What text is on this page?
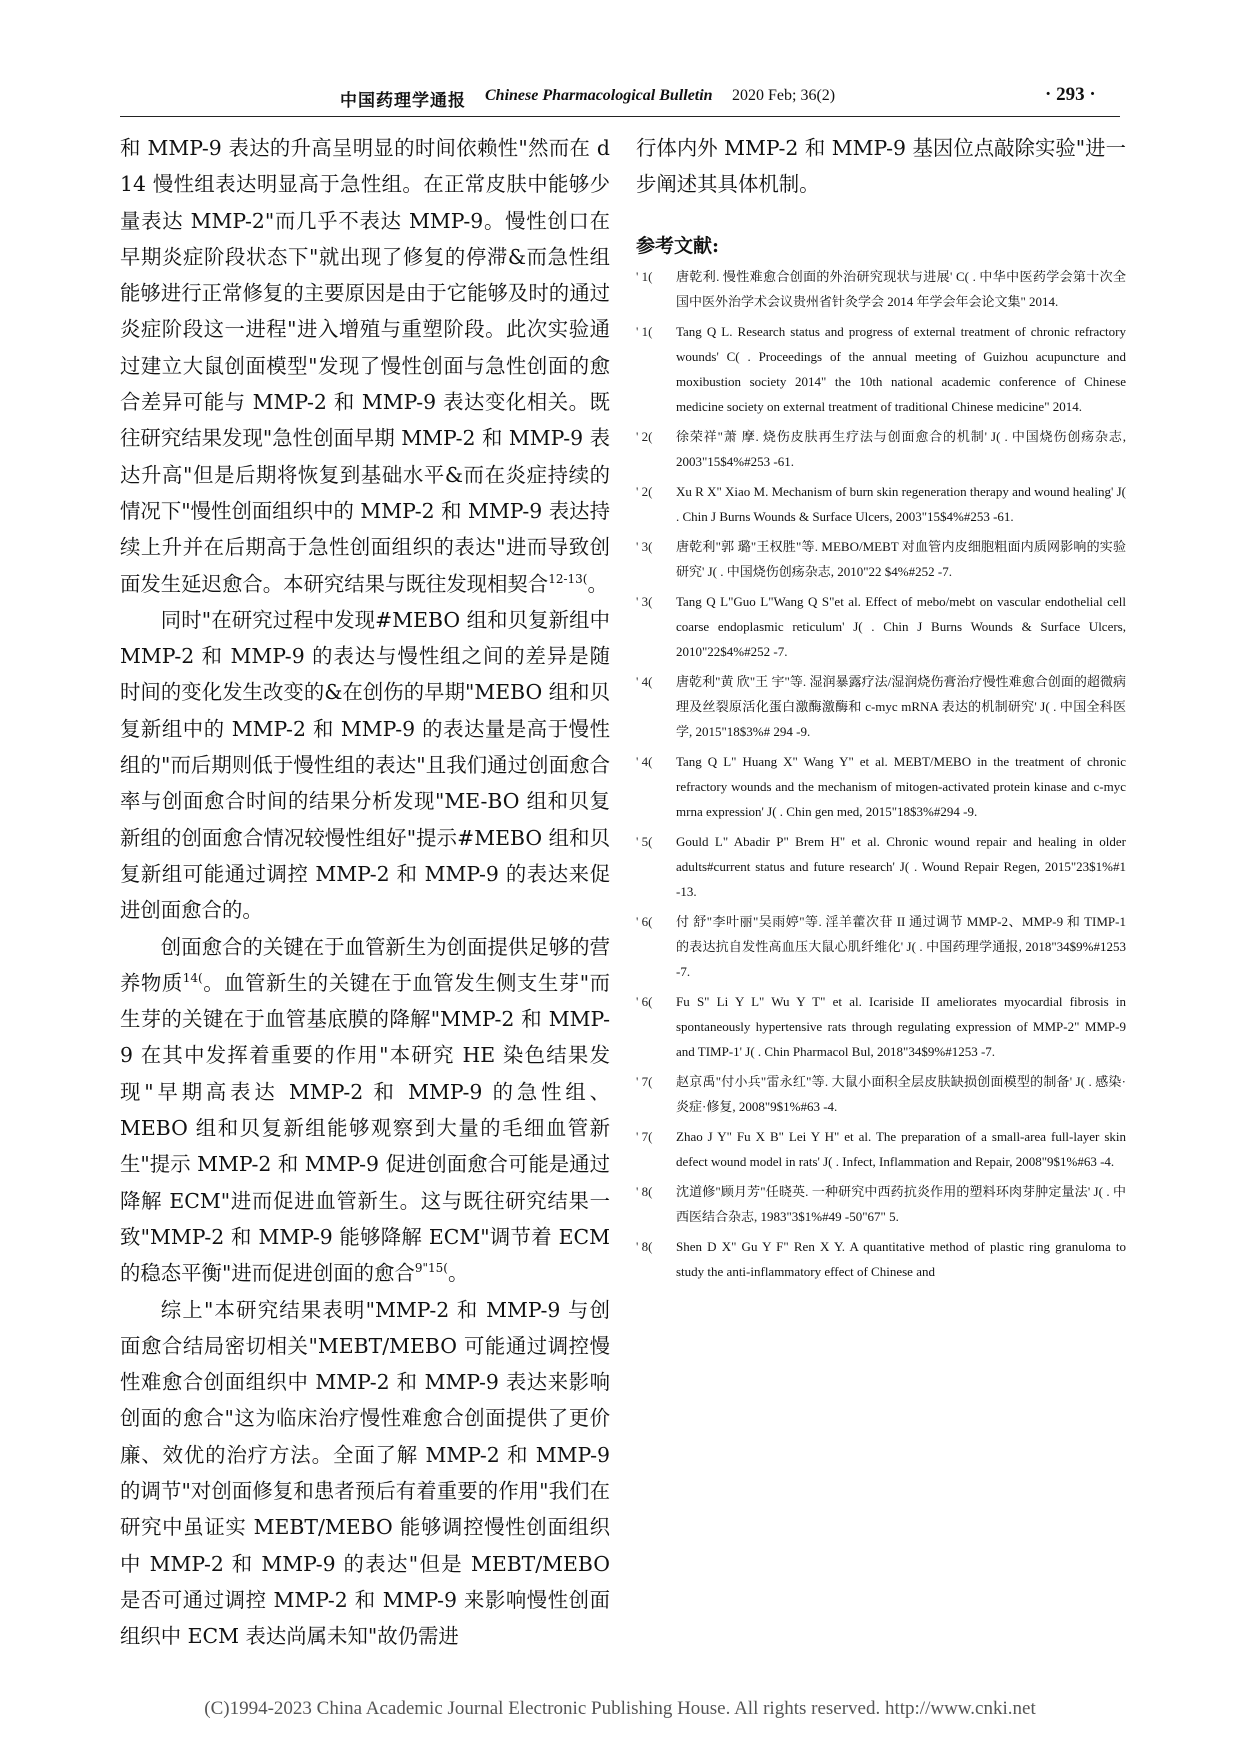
中国药理学通报 Chinese Pharmacological Bulletin 2020 Feb; 36(2)	· 293 ·

和 MMP-9 表达的升高呈明显的时间依赖性"然而在 d 14 慢性组表达明显高于急性组。在正常皮肤中能够少量表达 MMP-2"而几乎不表达 MMP-9。慢性创口在早期炎症阶段状态下"就出现了修复的停滞&而急性组能够进行正常修复的主要原因是由于它能够及时的通过炎症阶段这一进程"进入增殖与重塑阶段。此次实验通过建立大鼠创面模型"发现了慢性创面与急性创面的愈合差异可能与 MMP-2 和 MMP-9 表达变化相关。既往研究结果发现"急性创面早期 MMP-2 和 MMP-9 表达升高"但是后期将恢复到基础水平&而在炎症持续的情况下"慢性创面组织中的 MMP-2 和 MMP-9 表达持续上升并在后期高于急性创面组织的表达"进而导致创面发生延迟愈合。本研究结果与既往发现相契合$^{12-13(}$。

同时"在研究过程中发现#MEBO 组和贝复新组中 MMP-2 和 MMP-9 的表达与慢性组之间的差异是随时间的变化发生改变的&在创伤的早期"MEBO 组和贝复新组中的 MMP-2 和 MMP-9 的表达量是高于慢性组的"而后期则低于慢性组的表达"且我们通过创面愈合率与创面愈合时间的结果分析发现"ME-BO 组和贝复新组的创面愈合情况较慢性组好"提示#MEBO 组和贝复新组可能通过调控 MMP-2 和 MMP-9 的表达来促进创面愈合的。

创面愈合的关键在于血管新生为创面提供足够的营养物质$^{14(}$。血管新生的关键在于血管发生侧支生芽"而生芽的关键在于血管基底膜的降解"MMP-2 和 MMP-9 在其中发挥着重要的作用"本研究 HE 染色结果发现"早期高表达 MMP-2 和 MMP-9 的急性组、MEBO 组和贝复新组能够观察到大量的毛细血管新生"提示 MMP-2 和 MMP-9 促进创面愈合可能是通过降解 ECM"进而促进血管新生。这与既往研究结果一致"MMP-2 和 MMP-9 能够降解 ECM"调节着 ECM 的稳态平衡"进而促进创面的愈合$^{9"15(}$。

综上"本研究结果表明"MMP-2 和 MMP-9 与创面愈合结局密切相关"MEBT/MEBO 可能通过调控慢性难愈合创面组织中 MMP-2 和 MMP-9 表达来影响创面的愈合"这为临床治疗慢性难愈合创面提供了更价廉、效优的治疗方法。全面了解 MMP-2 和 MMP-9 的调节"对创面修复和患者预后有着重要的作用"我们在研究中虽证实 MEBT/MEBO 能够调控慢性创面组织中 MMP-2 和 MMP-9 的表达"但是 MEBT/MEBO 是否可通过调控 MMP-2 和 MMP-9 来影响慢性创面组织中 ECM 表达尚属未知"故仍需进

行体内外 MMP-2 和 MMP-9 基因位点敲除实验"进一步阐述其具体机制。

参考文献:
' 1(	唐乾利. 慢性难愈合创面的外治研究现状与进展' C( . 中华中医药学会第十次全国中医外治学术会议贵州省针灸学会 2014 年学会年会论文集" 2014.
' 1(	Tang Q L. Research status and progress of external treatment of chronic refractory wounds' C( . Proceedings of the annual meeting of Guizhou acupuncture and moxibustion society 2014" the 10th national academic conference of Chinese medicine society on external treatment of traditional Chinese medicine" 2014.
' 2(	徐荣祥"萧 摩. 烧伤皮肤再生疗法与创面愈合的机制' J( . 中国烧伤创疡杂志, 2003"15$4%#253 -61.
' 2(	Xu R X" Xiao M. Mechanism of burn skin regeneration therapy and wound healing' J( . Chin J Burns Wounds & Surface Ulcers, 2003"15$4%#253 -61.
' 3(	唐乾利"郭 璐"王权胜"等. MEBO/MEBT 对血管内皮细胞粗面内质网影响的实验研究' J( . 中国烧伤创疡杂志, 2010"22 $4%#252 -7.
' 3(	Tang Q L"Guo L"Wang Q S"et al. Effect of mebo/mebt on vascular endothelial cell coarse endoplasmic reticulum' J( . Chin J Burns Wounds & Surface Ulcers, 2010"22$4%#252 -7.
' 4(	唐乾利"黄 欣"王 宇"等. 湿润暴露疗法/湿润烧伤膏治疗慢性难愈合创面的超微病理及丝裂原活化蛋白激酶激酶和 c-myc mRNA 表达的机制研究' J( . 中国全科医学, 2015"18$3%# 294 -9.
' 4(	Tang Q L" Huang X" Wang Y" et al. MEBT/MEBO in the treatment of chronic refractory wounds and the mechanism of mitogen-activated protein kinase and c-myc mrna expression' J( . Chin gen med, 2015"18$3%#294 -9.
' 5(	Gould L" Abadir P" Brem H" et al. Chronic wound repair and healing in older adults#current status and future research' J( . Wound Repair Regen, 2015"23$1%#1 -13.
' 6(	付 舒"李叶丽"吴雨婷"等. 淫羊藿次苷 II 通过调节 MMP-2、MMP-9 和 TIMP-1 的表达抗自发性高血压大鼠心肌纤维化' J( . 中国药理学通报, 2018"34$9%#1253 -7.
' 6(	Fu S" Li Y L" Wu Y T" et al. Icariside II ameliorates myocardial fibrosis in spontaneously hypertensive rats through regulating expression of MMP-2" MMP-9 and TIMP-1' J( . Chin Pharmacol Bul, 2018"34$9%#1253 -7.
' 7(	赵京禹"付小兵"雷永红"等. 大鼠小面积全层皮肤缺损创面模型的制备' J( . 感染·炎症·修复, 2008"9$1%#63 -4.
' 7(	Zhao J Y" Fu X B" Lei Y H" et al. The preparation of a small-area full-layer skin defect wound model in rats' J( . Infect, Inflammation and Repair, 2008"9$1%#63 -4.
' 8(	沈道修"顾月芳"任晓英. 一种研究中西药抗炎作用的塑料环肉芽肿定量法' J( . 中西医结合杂志, 1983"3$1%#49 -50"67" 5.
' 8(	Shen D X" Gu Y F" Ren X Y. A quantitative method of plastic ring granuloma to study the anti-inflammatory effect of Chinese and
(C)1994-2023 China Academic Journal Electronic Publishing House. All rights reserved. http://www.cnki.net
